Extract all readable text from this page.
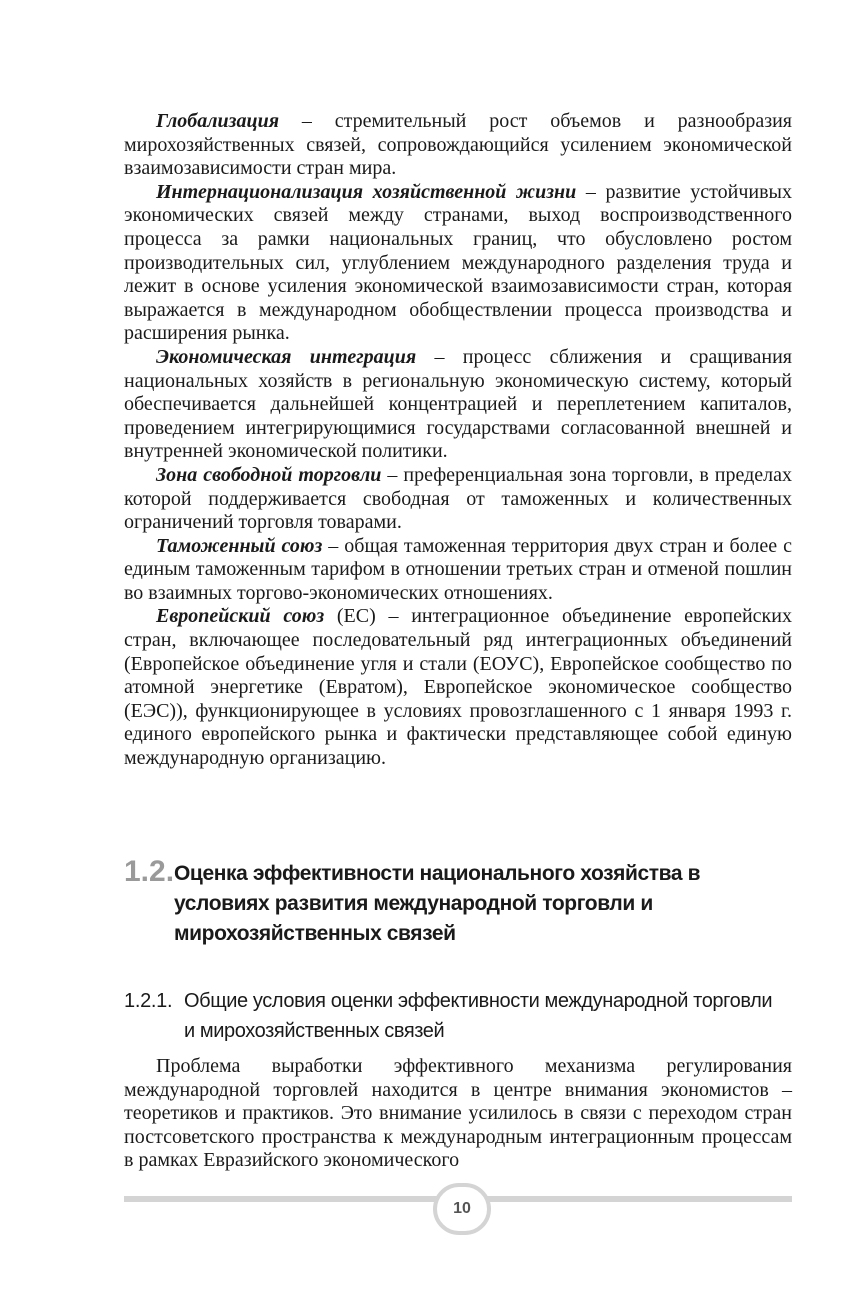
Глобализация – стремительный рост объемов и разнообразия мирохозяйственных связей, сопровождающийся усилением экономической взаимозависимости стран мира.

Интернационализация хозяйственной жизни – развитие устойчивых экономических связей между странами, выход воспроизводственного процесса за рамки национальных границ, что обусловлено ростом производительных сил, углублением международного разделения труда и лежит в основе усиления экономической взаимозависимости стран, которая выражается в международном обобществлении процесса производства и расширения рынка.

Экономическая интеграция – процесс сближения и сращивания национальных хозяйств в региональную экономическую систему, который обеспечивается дальнейшей концентрацией и переплетением капиталов, проведением интегрирующимися государствами согласованной внешней и внутренней экономической политики.

Зона свободной торговли – преференциальная зона торговли, в пределах которой поддерживается свободная от таможенных и количественных ограничений торговля товарами.

Таможенный союз – общая таможенная территория двух стран и более с единым таможенным тарифом в отношении третьих стран и отменой пошлин во взаимных торгово-экономических отношениях.

Европейский союз (ЕС) – интеграционное объединение европейских стран, включающее последовательный ряд интеграционных объединений (Европейское объединение угля и стали (ЕОУС), Европейское сообщество по атомной энергетике (Евратом), Европейское экономическое сообщество (ЕЭС)), функционирующее в условиях провозглашенного с 1 января 1993 г. единого европейского рынка и фактически представляющее собой единую международную организацию.

1.2. Оценка эффективности национального хозяйства в условиях развития международной торговли и мирохозяйственных связей
1.2.1. Общие условия оценки эффективности международной торговли и мирохозяйственных связей

Проблема выработки эффективного механизма регулирования международной торговлей находится в центре внимания экономистов – теоретиков и практиков. Это внимание усилилось в связи с переходом стран постсоветского пространства к международным интеграционным процессам в рамках Евразийского экономического

10
